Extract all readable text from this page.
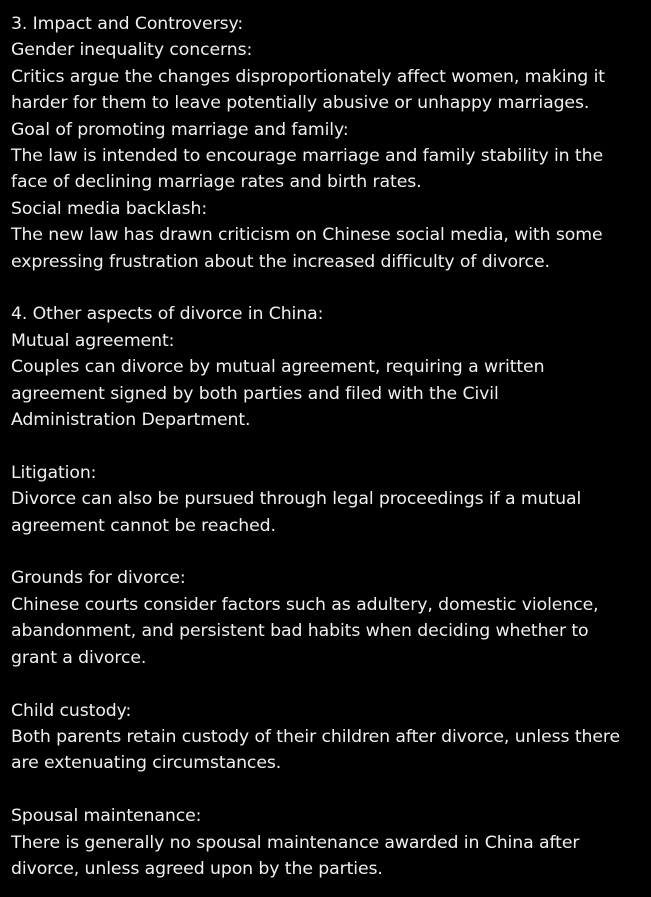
3. Impact and Controversy:
Gender inequality concerns:
Critics argue the changes disproportionately affect women, making it
harder for them to leave potentially abusive or unhappy marriages.
Goal of promoting marriage and family:
The law is intended to encourage marriage and family stability in the
face of declining marriage rates and birth rates.
Social media backlash:
The new law has drawn criticism on Chinese social media, with some
expressing frustration about the increased difficulty of divorce.
4. Other aspects of divorce in China:
Mutual agreement:
Couples can divorce by mutual agreement, requiring a written
agreement signed by both parties and filed with the Civil
Administration Department.
Litigation:
Divorce can also be pursued through legal proceedings if a mutual
agreement cannot be reached.
Grounds for divorce:
Chinese courts consider factors such as adultery, domestic violence,
abandonment, and persistent bad habits when deciding whether to
grant a divorce.
Child custody:
Both parents retain custody of their children after divorce, unless there
are extenuating circumstances.
Spousal maintenance:
There is generally no spousal maintenance awarded in China after
divorce, unless agreed upon by the parties.
